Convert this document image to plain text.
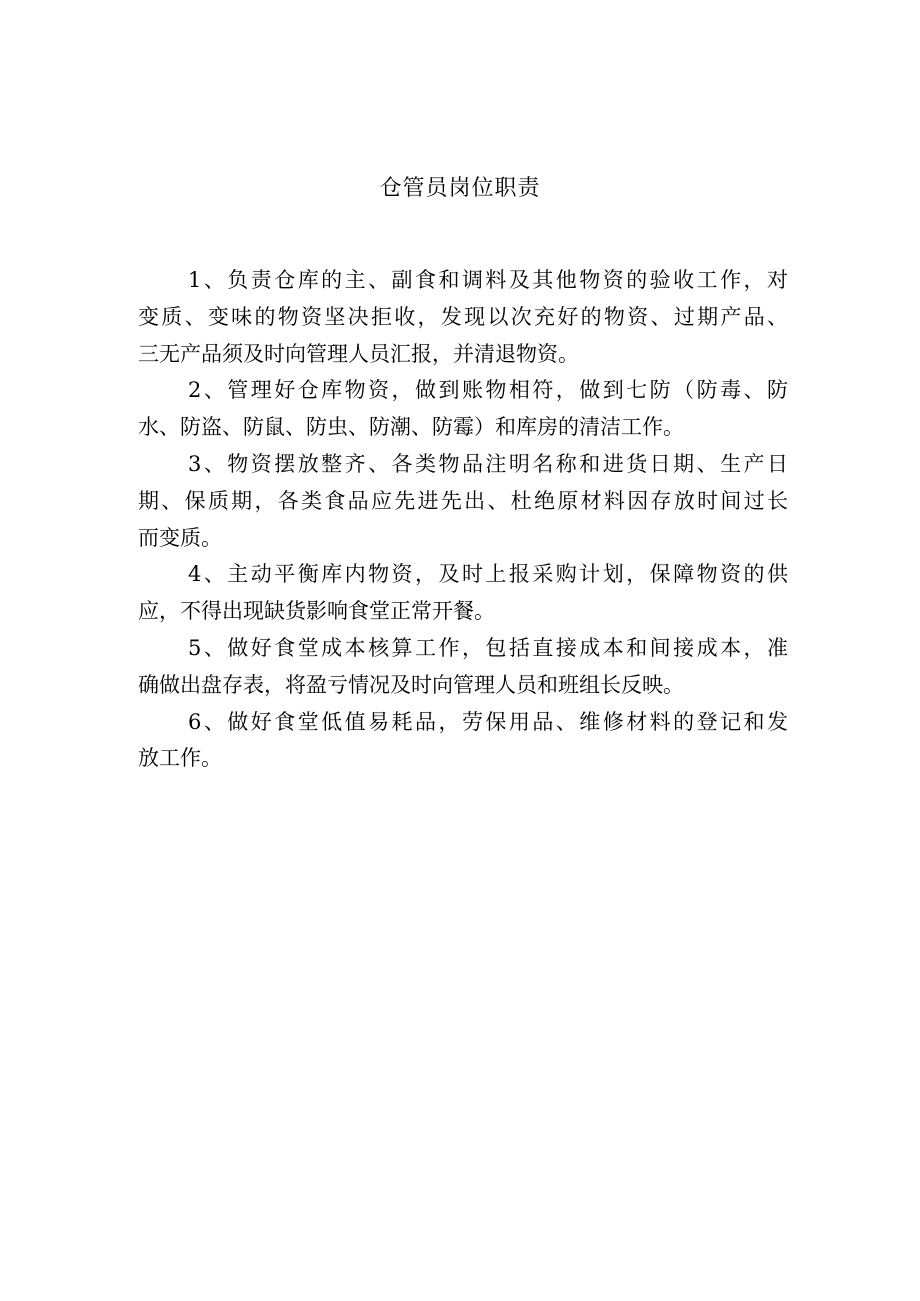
仓管员岗位职责

1、负责仓库的主、副食和调料及其他物资的验收工作，对
变质、变味的物资坚决拒收，发现以次充好的物资、过期产品、
三无产品须及时向管理人员汇报，并清退物资。

2、管理好仓库物资，做到账物相符，做到七防（防毒、防
水、防盗、防鼠、防虫、防潮、防霉）和库房的清洁工作。

3、物资摆放整齐、各类物品注明名称和进货日期、生产日
期、保质期，各类食品应先进先出、杜绝原材料因存放时间过长
而变质。

4、主动平衡库内物资，及时上报采购计划，保障物资的供
应，不得出现缺货影响食堂正常开餐。

5、做好食堂成本核算工作，包括直接成本和间接成本，准
确做出盘存表，将盈亏情况及时向管理人员和班组长反映。

6、做好食堂低值易耗品，劳保用品、维修材料的登记和发
放工作。
